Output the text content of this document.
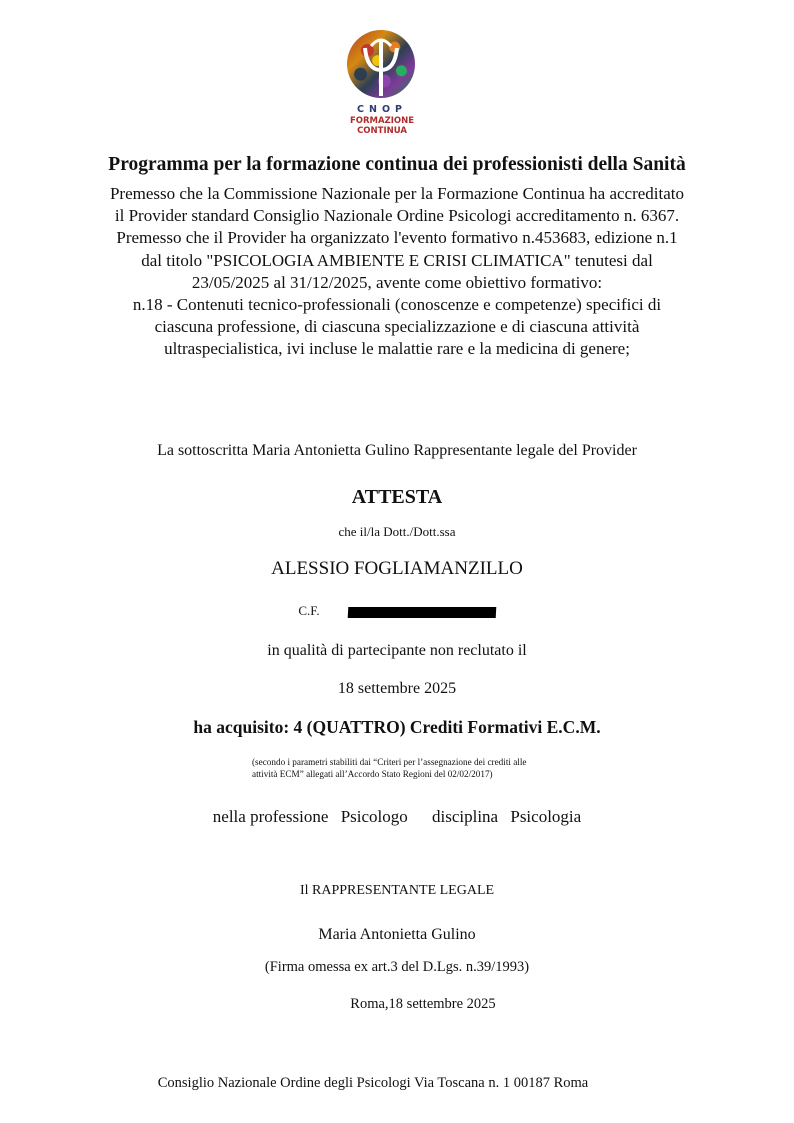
CNOP
FORMAZIONE
CONTINUA
Programma per la formazione continua dei professionisti della Sanità
Premesso che la Commissione Nazionale per la Formazione Continua ha accreditato
il Provider standard Consiglio Nazionale Ordine Psicologi accreditamento n. 6367.
Premesso che il Provider ha organizzato l'evento formativo n.453683, edizione n.1
dal titolo "PSICOLOGIA AMBIENTE E CRISI CLIMATICA" tenutesi dal
23/05/2025 al 31/12/2025, avente come obiettivo formativo:
n.18 - Contenuti tecnico-professionali (conoscenze e competenze) specifici di
ciascuna professione, di ciascuna specializzazione e di ciascuna attività
ultraspecialistica, ivi incluse le malattie rare e la medicina di genere;
La sottoscritta Maria Antonietta Gulino Rappresentante legale del Provider
ATTESTA
che il/la Dott./Dott.ssa
ALESSIO FOGLIAMANZILLO
C.F.
in qualità di partecipante non reclutato il
18 settembre 2025
ha acquisito: 4 (QUATTRO) Crediti Formativi E.C.M.
(secondo i parametri stabiliti dai “Criteri per l’assegnazione dei crediti alle attività ECM” allegati all’Accordo Stato Regioni del 02/02/2017)
nella professione Psicologo disciplina Psicologia
Il RAPPRESENTANTE LEGALE
Maria Antonietta Gulino
(Firma omessa ex art.3 del D.Lgs. n.39/1993)
Roma,18 settembre 2025
Consiglio Nazionale Ordine degli Psicologi Via Toscana n. 1 00187 Roma
